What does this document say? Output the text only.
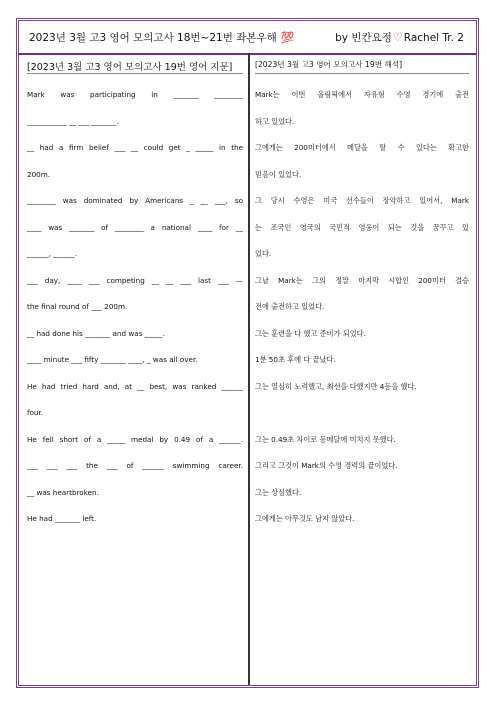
2023년 3월 고3 영어 모의고사 18번~21번 좌본우해 💯	by 빈칸요정♡Rachel Tr. 2
[2023년 3월 고3 영어 모의고사 19번 영어 지문]
Mark was participating in _______ ________
___________ __ ___ _______.
__ had a firm belief ___ __ could get _ _____ in the
200m.
________ was dominated by Americans _ __ ___, so
____ was _______ of ________ a national ____ for __
______, ______.
___ day, ____ ___ competing __ __ ___ last ___ —
the final round of ___ 200m.
__ had done his _______ and was _____.
____ minute ___ fifty _______ ____, _ was all over.
He had tried hard and, at __ best, was ranked ______
four.
He fell short of a _____ medal by 0.49 of a ______.
___ ___ ___ the ___ of ______ swimming career.
__ was heartbroken.
He had _______ left.
[2023년 3월 고3 영어 모의고사 19번 해석]
Mark는 이번 올림픽에서 자유형 수영 경기에 출전
하고 있었다.
그에게는 200미터에서 메달을 딸 수 있다는 확고한
믿음이 있었다.
그 당시 수영은 미국 선수들이 장악하고 있어서, Mark
는 조국인 영국의 국민적 영웅이 되는 것을 꿈꾸고 있
었다.
그날 Mark는 그의 정말 마지막 시합인 200미터 결승
전에 출전하고 있었다.
그는 훈련을 다 했고 준비가 되었다.
1분 50초 후에 다 끝났다.
그는 열심히 노력했고, 최선을 다했지만 4등을 했다.
그는 0.49초 차이로 동메달에 미치지 못했다.
그리고 그것이 Mark의 수영 경력의 끝이었다.
그는 상심했다.
그에게는 아무것도 남지 않았다.
